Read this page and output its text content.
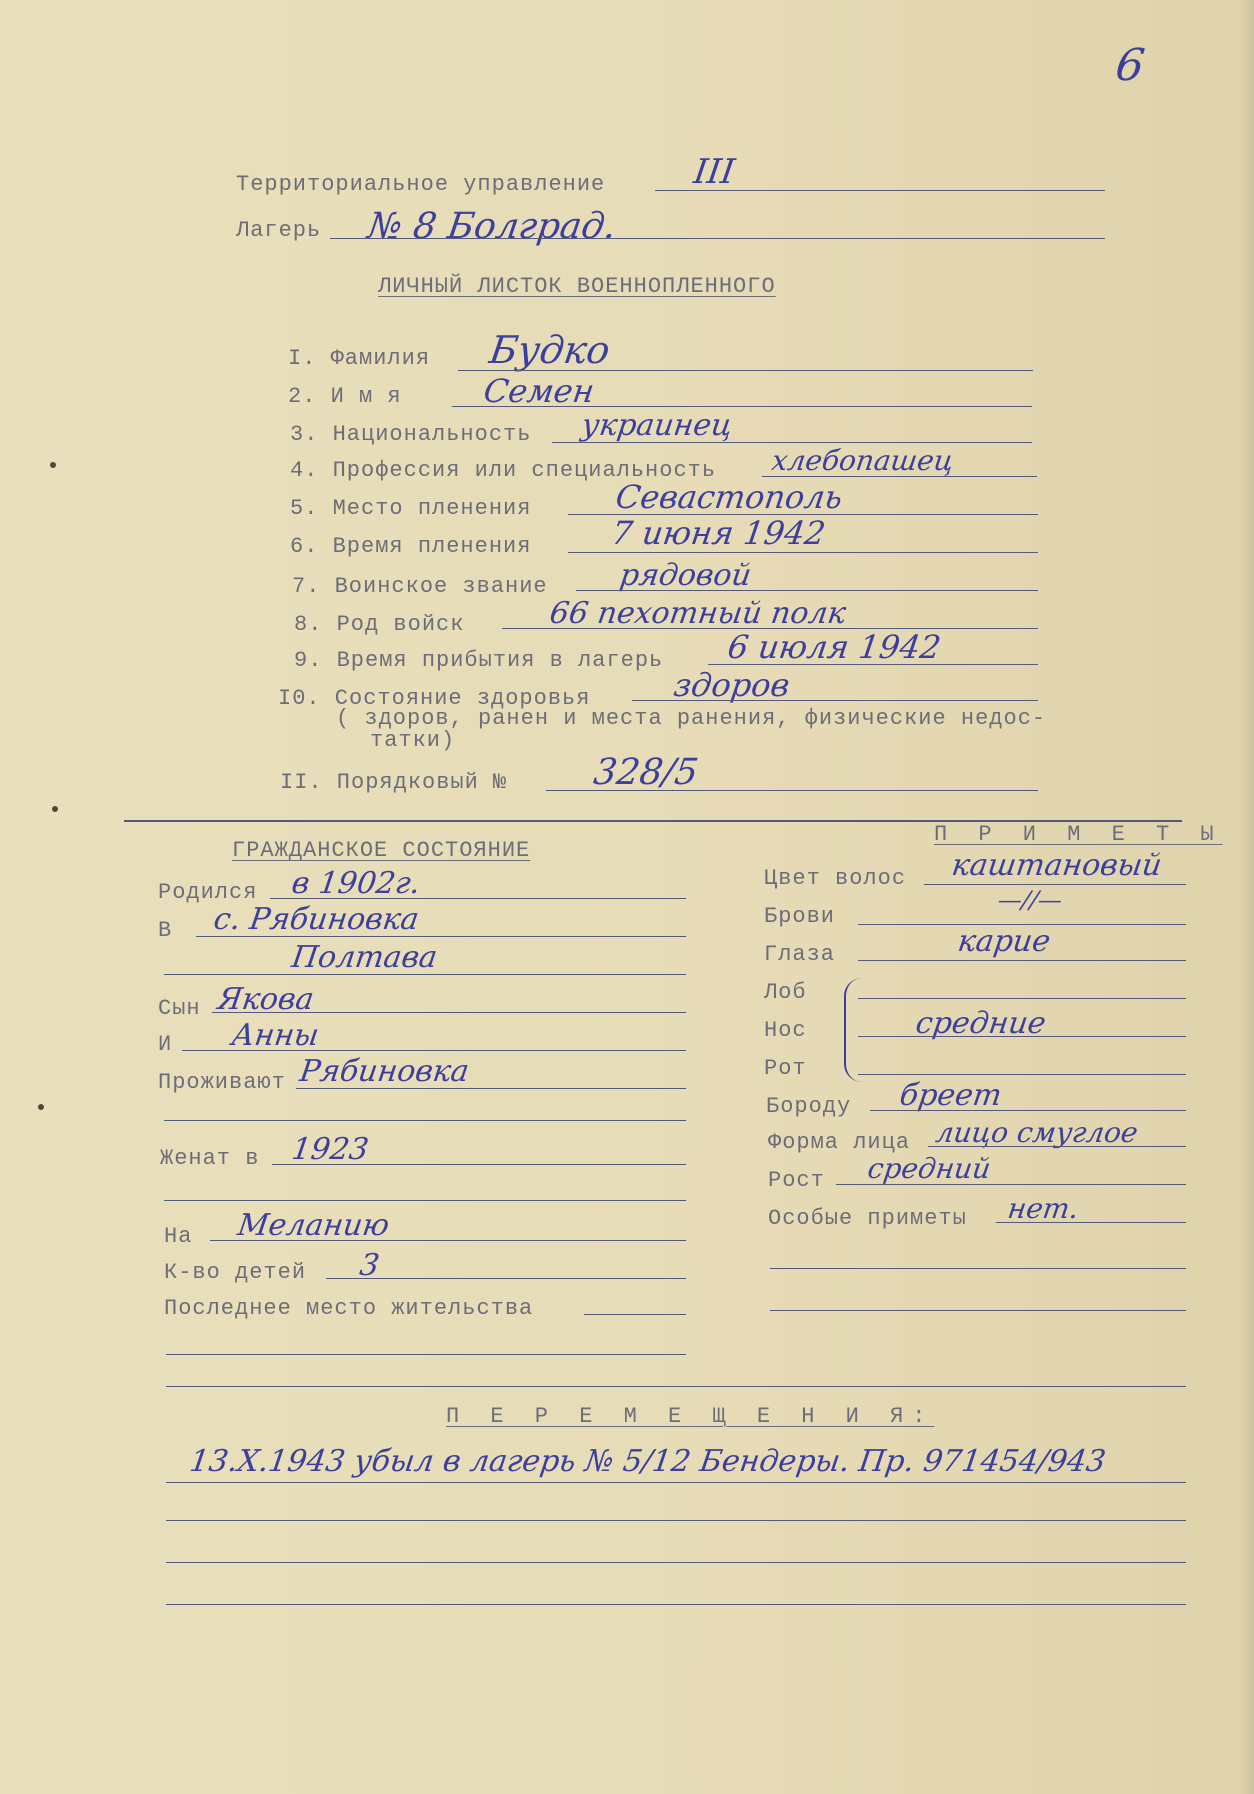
6
Территориальное управление	III
Лагерь № 8 Болград.
ЛИЧНЫЙ ЛИСТОК ВОЕННОПЛЕННОГО
I. Фамилия Будко
2. И м я Семен
3. Национальность украинец
4. Профессия или специальность хлебопашец
5. Место пленения	Севастополь
6. Время пленения 7 июня 1942
7. Воинское звание рядовой
8. Род войск	66 пехотный полк
9. Время прибытия в лагерь 6 июля 1942
I0. Состояние здоровья	здоров
( здоров, ранен и места ранения, физические недос-
татки)
II. Порядковый № 328/5
ГРАЖДАНСКОЕ СОСТОЯНИЕ
Родился в 1902г.
В с. Рябиновка
Полтава
Сын Якова
И Анны
Проживают Рябиновка
Женат в 1923
На Меланию
К-во детей 3
Последнее место жительства
П Р И М Е Т Ы
Цвет волос каштановый
Брови
—//—
Глаза	карие
Лоб
Нос	средние
Рот
Бороду бреет
Форма лица лицо смуглое
Рост средний
Особые приметы нет.
П Е Р Е М Е Щ Е Н И Я:
13.Х.1943 убыл в лагерь № 5/12 Бендеры. Пр. 971454/943
